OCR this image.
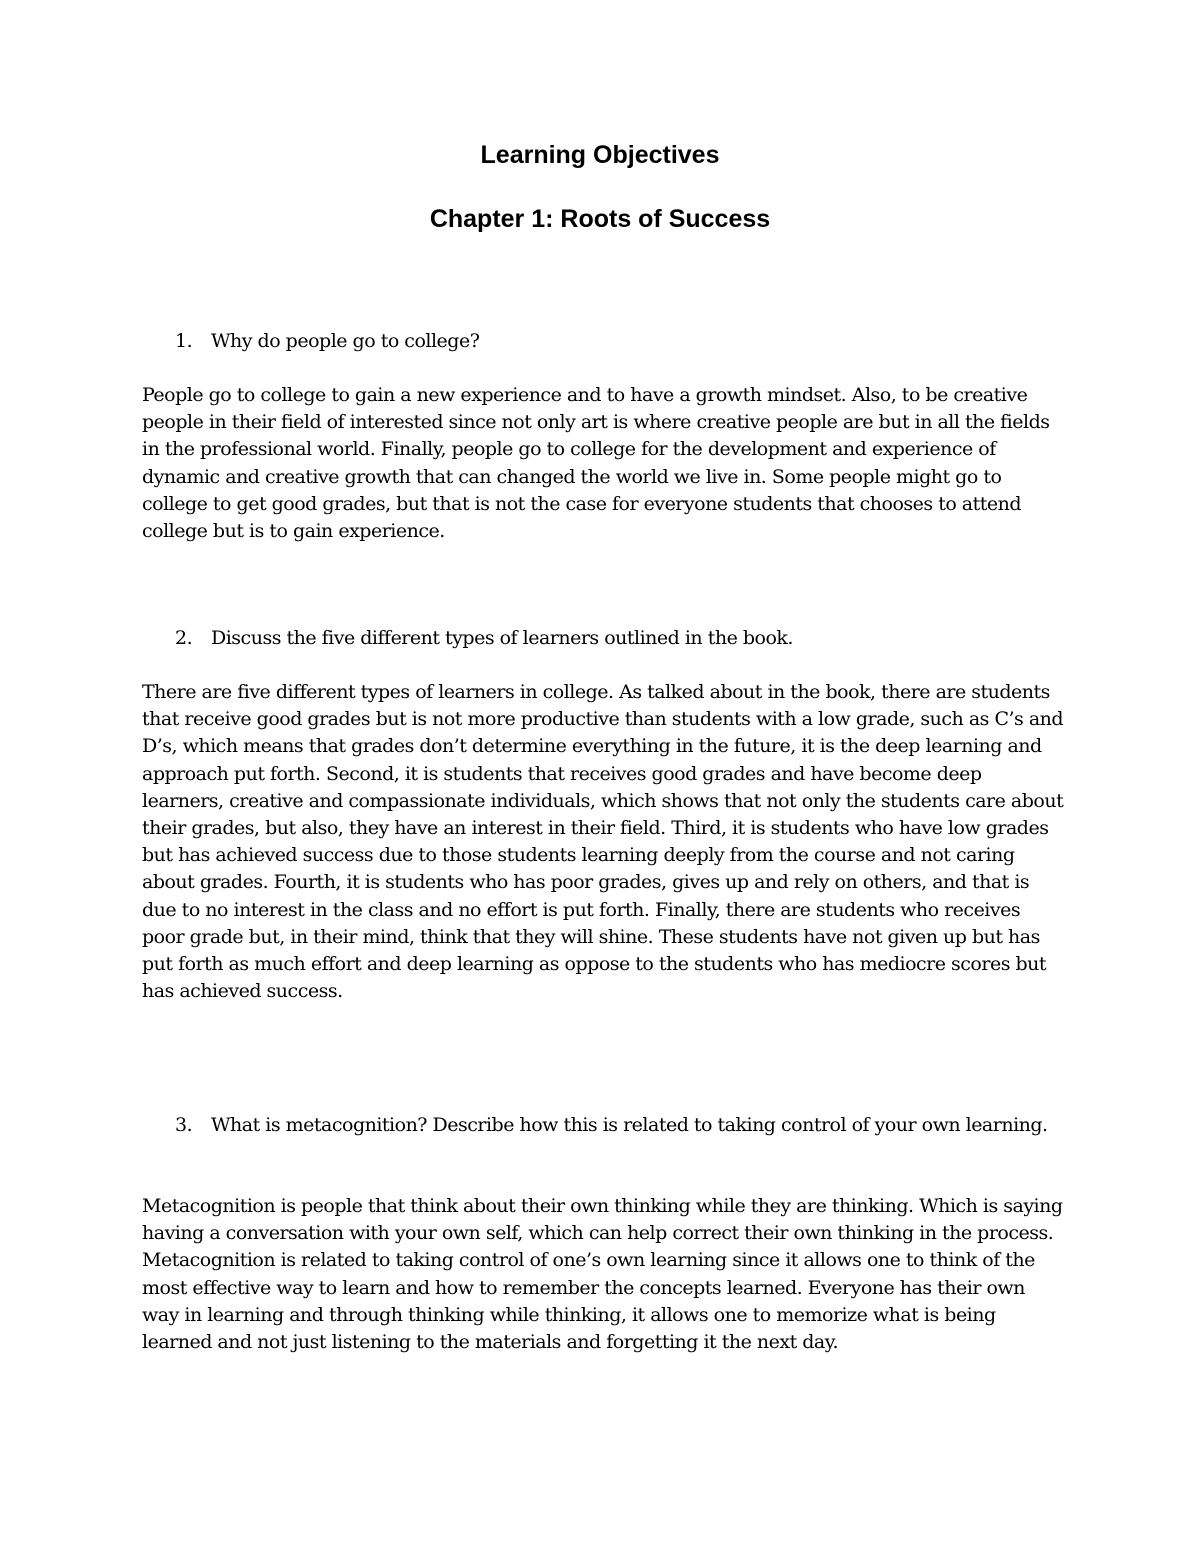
Learning Objectives
Chapter 1: Roots of Success
1. Why do people go to college?

People go to college to gain a new experience and to have a growth mindset. Also, to be creative people in their field of interested since not only art is where creative people are but in all the fields in the professional world. Finally, people go to college for the development and experience of dynamic and creative growth that can changed the world we live in. Some people might go to college to get good grades, but that is not the case for everyone students that chooses to attend college but is to gain experience.

2. Discuss the five different types of learners outlined in the book.

There are five different types of learners in college. As talked about in the book, there are students that receive good grades but is not more productive than students with a low grade, such as C’s and D’s, which means that grades don’t determine everything in the future, it is the deep learning and approach put forth. Second, it is students that receives good grades and have become deep learners, creative and compassionate individuals, which shows that not only the students care about their grades, but also, they have an interest in their field. Third, it is students who have low grades but has achieved success due to those students learning deeply from the course and not caring about grades. Fourth, it is students who has poor grades, gives up and rely on others, and that is due to no interest in the class and no effort is put forth. Finally, there are students who receives poor grade but, in their mind, think that they will shine. These students have not given up but has put forth as much effort and deep learning as oppose to the students who has mediocre scores but has achieved success.

3. What is metacognition? Describe how this is related to taking control of your own learning.

Metacognition is people that think about their own thinking while they are thinking. Which is saying having a conversation with your own self, which can help correct their own thinking in the process. Metacognition is related to taking control of one’s own learning since it allows one to think of the most effective way to learn and how to remember the concepts learned. Everyone has their own way in learning and through thinking while thinking, it allows one to memorize what is being learned and not just listening to the materials and forgetting it the next day.
